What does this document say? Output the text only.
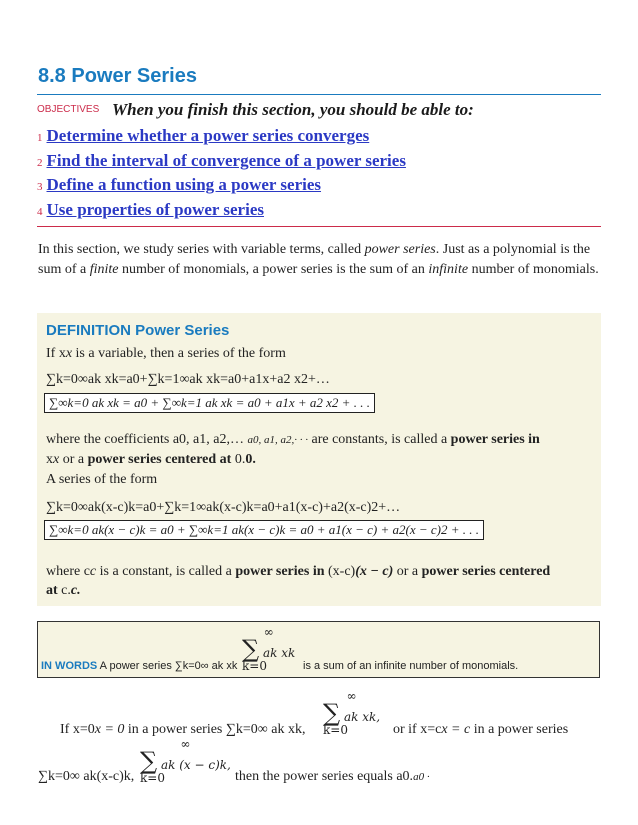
8.8 Power Series
OBJECTIVES When you finish this section, you should be able to:
1 Determine whether a power series converges
2 Find the interval of convergence of a power series
3 Define a function using a power series
4 Use properties of power series
In this section, we study series with variable terms, called power series. Just as a polynomial is the sum of a finite number of monomials, a power series is the sum of an infinite number of monomials.
DEFINITION Power Series
If xx is a variable, then a series of the form
∑k=0∞ak xk=a0+∑k=1∞ak xk=a0+a1x+a2 x2+…
∑∞k=0 ak xk = a0 + ∑∞k=1 ak xk = a0 + a1x + a2 x2 + . . .
where the coefficients a0, a1, a2,… a0, a1, a2,· · · are constants, is called a power series in
xx or a power series centered at 0.0.
A series of the form
∑k=0∞ak(x-c)k=a0+∑k=1∞ak(x-c)k=a0+a1(x-c)+a2(x-c)2+…
∑∞k=0 ak(x − c)k = a0 + ∑∞k=1 ak(x − c)k = a0 + a1(x − c) + a2(x − c)2 + . . .
where cc is a constant, is called a power series in (x-c)(x − c) or a power series centered
at c.c.
∞
∑ ak xk
k=0
IN WORDS A power series ∑k=0∞ ak xk	is a sum of an infinite number of monomials.
∞
∑ ak xk,
k=0
If x=0x = 0 in a power series ∑k=0∞ ak xk,	or if x=cx = c in a power series
∞
∑ ak (x − c)k,
k=0
∑k=0∞ ak(x-c)k,	then the power series equals a0.a0 ·
